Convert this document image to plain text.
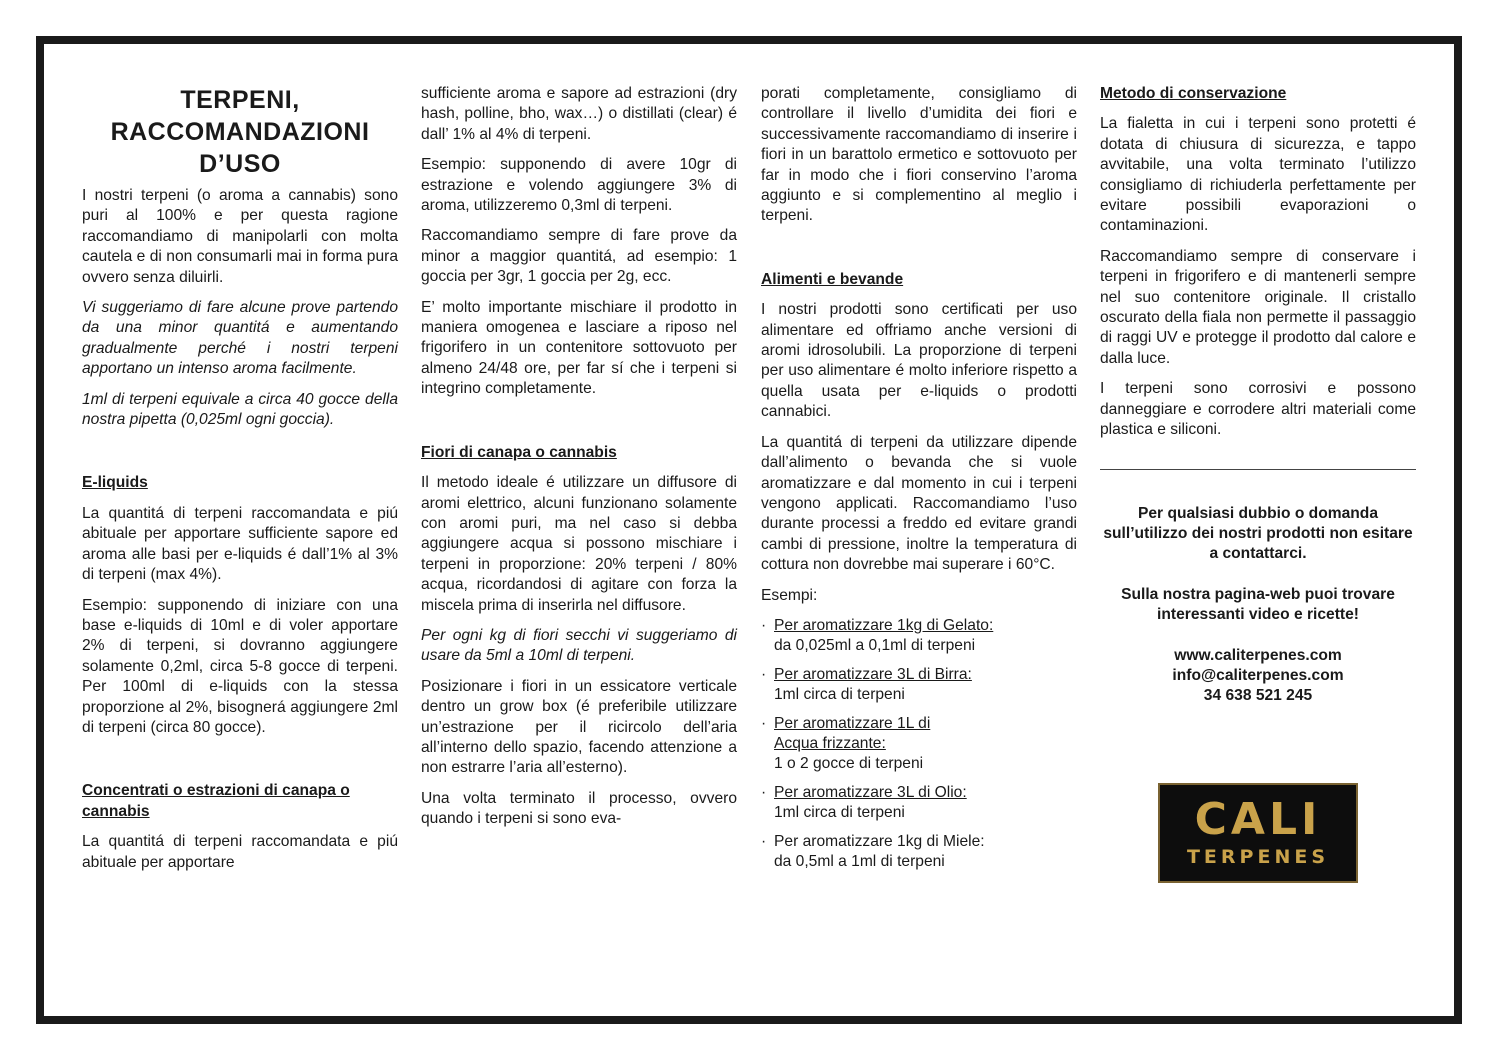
TERPENI, RACCOMANDAZIONI D’USO

I nostri terpeni (o aroma a cannabis) sono puri al 100% e per questa ragione raccomandiamo di manipolarli con molta cautela e di non consumarli mai in forma pura ovvero senza diluirli.

Vi suggeriamo di fare alcune prove partendo da una minor quantitá e aumentando gradualmente perché i nostri terpeni apportano un intenso aroma facilmente.

1ml di terpeni equivale a circa 40 gocce della nostra pipetta (0,025ml ogni goccia).

E-liquids

La quantitá di terpeni raccomandata e piú abituale per apportare sufficiente sapore ed aroma alle basi per e-liquids é dall’1% al 3% di terpeni (max 4%).

Esempio: supponendo di iniziare con una base e-liquids di 10ml e di voler apportare 2% di terpeni, si dovranno aggiungere solamente 0,2ml, circa 5-8 gocce di terpeni. Per 100ml di e-liquids con la stessa proporzione al 2%, bisognerá aggiungere 2ml di terpeni (circa 80 gocce).

Concentrati o estrazioni di canapa o cannabis

La quantitá di terpeni raccomandata e piú abituale per apportare

sufficiente aroma e sapore ad estrazioni (dry hash, polline, bho, wax…) o distillati (clear) é dall’ 1% al 4% di terpeni.

Esempio: supponendo di avere 10gr di estrazione e volendo aggiungere 3% di aroma, utilizzeremo 0,3ml di terpeni.

Raccomandiamo sempre di fare prove da minor a maggior quantitá, ad esempio: 1 goccia per 3gr, 1 goccia per 2g, ecc.

E’ molto importante mischiare il prodotto in maniera omogenea e lasciare a riposo nel frigorifero in un contenitore sottovuoto per almeno 24/48 ore, per far sí che i terpeni si integrino completamente.

Fiori di canapa o cannabis

Il metodo ideale é utilizzare un diffusore di aromi elettrico, alcuni funzionano solamente con aromi puri, ma nel caso si debba aggiungere acqua si possono mischiare i terpeni in proporzione: 20% terpeni / 80% acqua, ricordandosi di agitare con forza la miscela prima di inserirla nel diffusore.

Per ogni kg di fiori secchi vi suggeriamo di usare da 5ml a 10ml di terpeni.

Posizionare i fiori in un essicatore verticale dentro un grow box (é preferibile utilizzare un’estrazione per il ricircolo dell’aria all’interno dello spazio, facendo attenzione a non estrarre l’aria all’esterno).

Una volta terminato il processo, ovvero quando i terpeni si sono eva-

porati completamente, consigliamo di controllare il livello d’umidita dei fiori e successivamente raccomandiamo di inserire i fiori in un barattolo ermetico e sottovuoto per far in modo che i fiori conservino l’aroma aggiunto e si complementino al meglio i terpeni.

Alimenti e bevande

I nostri prodotti sono certificati per uso alimentare ed offriamo anche versioni di aromi idrosolubili. La proporzione di terpeni per uso alimentare é molto inferiore rispetto a quella usata per e-liquids o prodotti cannabici.

La quantitá di terpeni da utilizzare dipende dall’alimento o bevanda che si vuole aromatizzare e dal momento in cui i terpeni vengono applicati. Raccomandiamo l’uso durante processi a freddo ed evitare grandi cambi di pressione, inoltre la temperatura di cottura non dovrebbe mai superare i 60°C.

Esempi:

· Per aromatizzare 1kg di Gelato:
da 0,025ml a 0,1ml di terpeni
· Per aromatizzare 3L di Birra:
1ml circa di terpeni
· Per aromatizzare 1L di Acqua frizzante:
1 o 2 gocce di terpeni
· Per aromatizzare 3L di Olio:
1ml circa di terpeni
· Per aromatizzare 1kg di Miele:
da 0,5ml a 1ml di terpeni
Metodo di conservazione

La fialetta in cui i terpeni sono protetti é dotata di chiusura di sicurezza, e tappo avvitabile, una volta terminato l’utilizzo consigliamo di richiuderla perfettamente per evitare possibili evaporazioni o contaminazioni.

Raccomandiamo sempre di conservare i terpeni in frigorifero e di mantenerli sempre nel suo contenitore originale. Il cristallo oscurato della fiala non permette il passaggio di raggi UV e protegge il prodotto dal calore e dalla luce.

I terpeni sono corrosivi e possono danneggiare e corrodere altri materiali come plastica e siliconi.

Per qualsiasi dubbio o domanda sull’utilizzo dei nostri prodotti non esitare a contattarci.

Sulla nostra pagina-web puoi trovare interessanti video e ricette!

www.caliterpenes.com

info@caliterpenes.com

34 638 521 245

CALI
TERPENES
